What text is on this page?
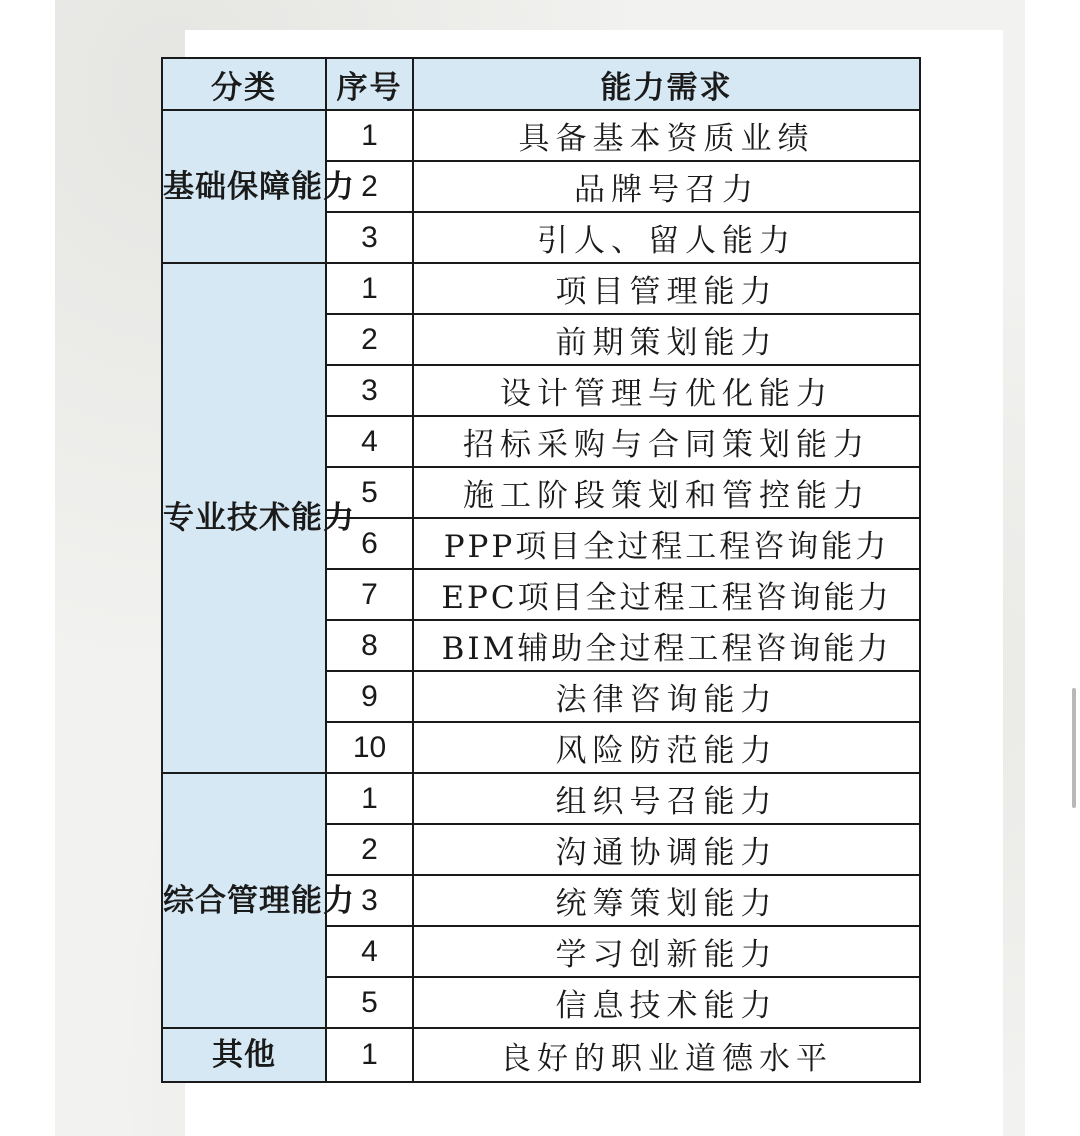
分类	序号	能力需求
基础保障能力	1	具备基本资质业绩
	2	品牌号召力
	3	引人、留人能力
专业技术能力	1	项目管理能力
	2	前期策划能力
	3	设计管理与优化能力
	4	招标采购与合同策划能力
	5	施工阶段策划和管控能力
	6	PPP项目全过程工程咨询能力
	7	EPC项目全过程工程咨询能力
	8	BIM辅助全过程工程咨询能力
	9	法律咨询能力
	10	风险防范能力
综合管理能力	1	组织号召能力
	2	沟通协调能力
	3	统筹策划能力
	4	学习创新能力
	5	信息技术能力
其他	1	良好的职业道德水平
